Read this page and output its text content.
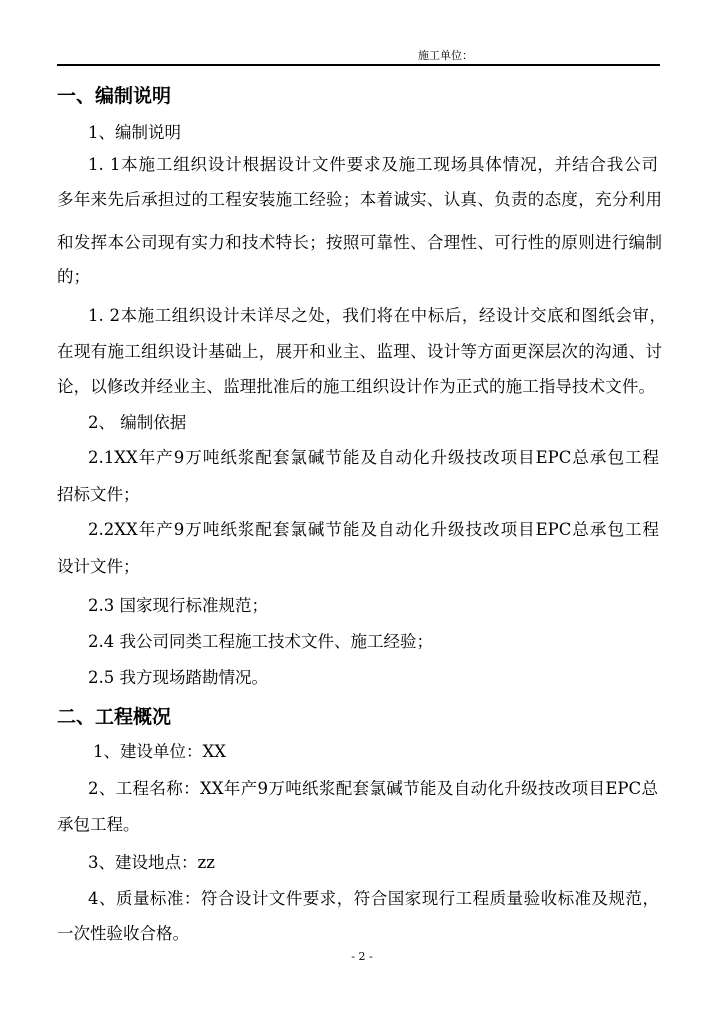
施工单位：
一、编制说明
1、编制说明
1. 1本施工组织设计根据设计文件要求及施工现场具体情况，并结合我公司
多年来先后承担过的工程安装施工经验；本着诚实、认真、负责的态度，充分利用
和发挥本公司现有实力和技术特长；按照可靠性、合理性、可行性的原则进行编制
的；
1. 2本施工组织设计未详尽之处，我们将在中标后，经设计交底和图纸会审，
在现有施工组织设计基础上，展开和业主、监理、设计等方面更深层次的沟通、讨
论，以修改并经业主、监理批准后的施工组织设计作为正式的施工指导技术文件。
2、 编制依据
2.1XX年产9万吨纸浆配套氯碱节能及自动化升级技改项目EPC总承包工程
招标文件；
2.2XX年产9万吨纸浆配套氯碱节能及自动化升级技改项目EPC总承包工程
设计文件；
2.3 国家现行标准规范；
2.4 我公司同类工程施工技术文件、施工经验；
2.5 我方现场踏勘情况。
二、工程概况
1、建设单位：XX
2、工程名称：XX年产9万吨纸浆配套氯碱节能及自动化升级技改项目EPC总
承包工程。
3、建设地点：zz
4、质量标准：符合设计文件要求，符合国家现行工程质量验收标准及规范，
一次性验收合格。
- 2 -
